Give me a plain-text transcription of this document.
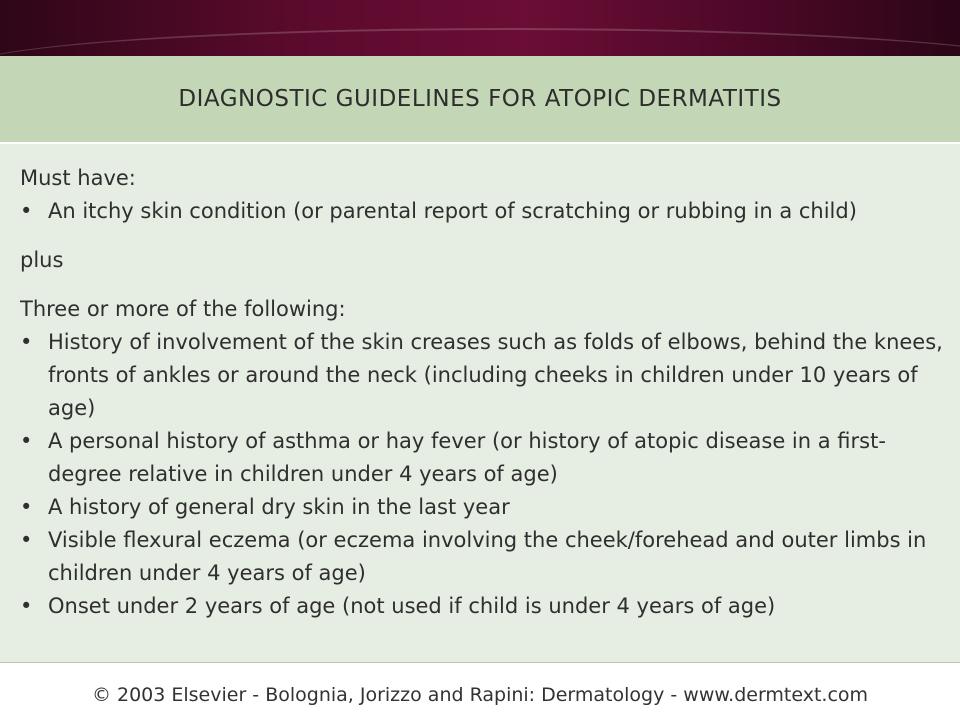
DIAGNOSTIC GUIDELINES FOR ATOPIC DERMATITIS

Must have:

• An itchy skin condition (or parental report of scratching or rubbing in a child)

plus

Three or more of the following:

• History of involvement of the skin creases such as folds of elbows, behind the knees, fronts of ankles or around the neck (including cheeks in children under 10 years of age)
• A personal history of asthma or hay fever (or history of atopic disease in a first-degree relative in children under 4 years of age)
• A history of general dry skin in the last year
• Visible flexural eczema (or eczema involving the cheek/forehead and outer limbs in children under 4 years of age)
• Onset under 2 years of age (not used if child is under 4 years of age)
© 2003 Elsevier - Bolognia, Jorizzo and Rapini: Dermatology - www.dermtext.com
